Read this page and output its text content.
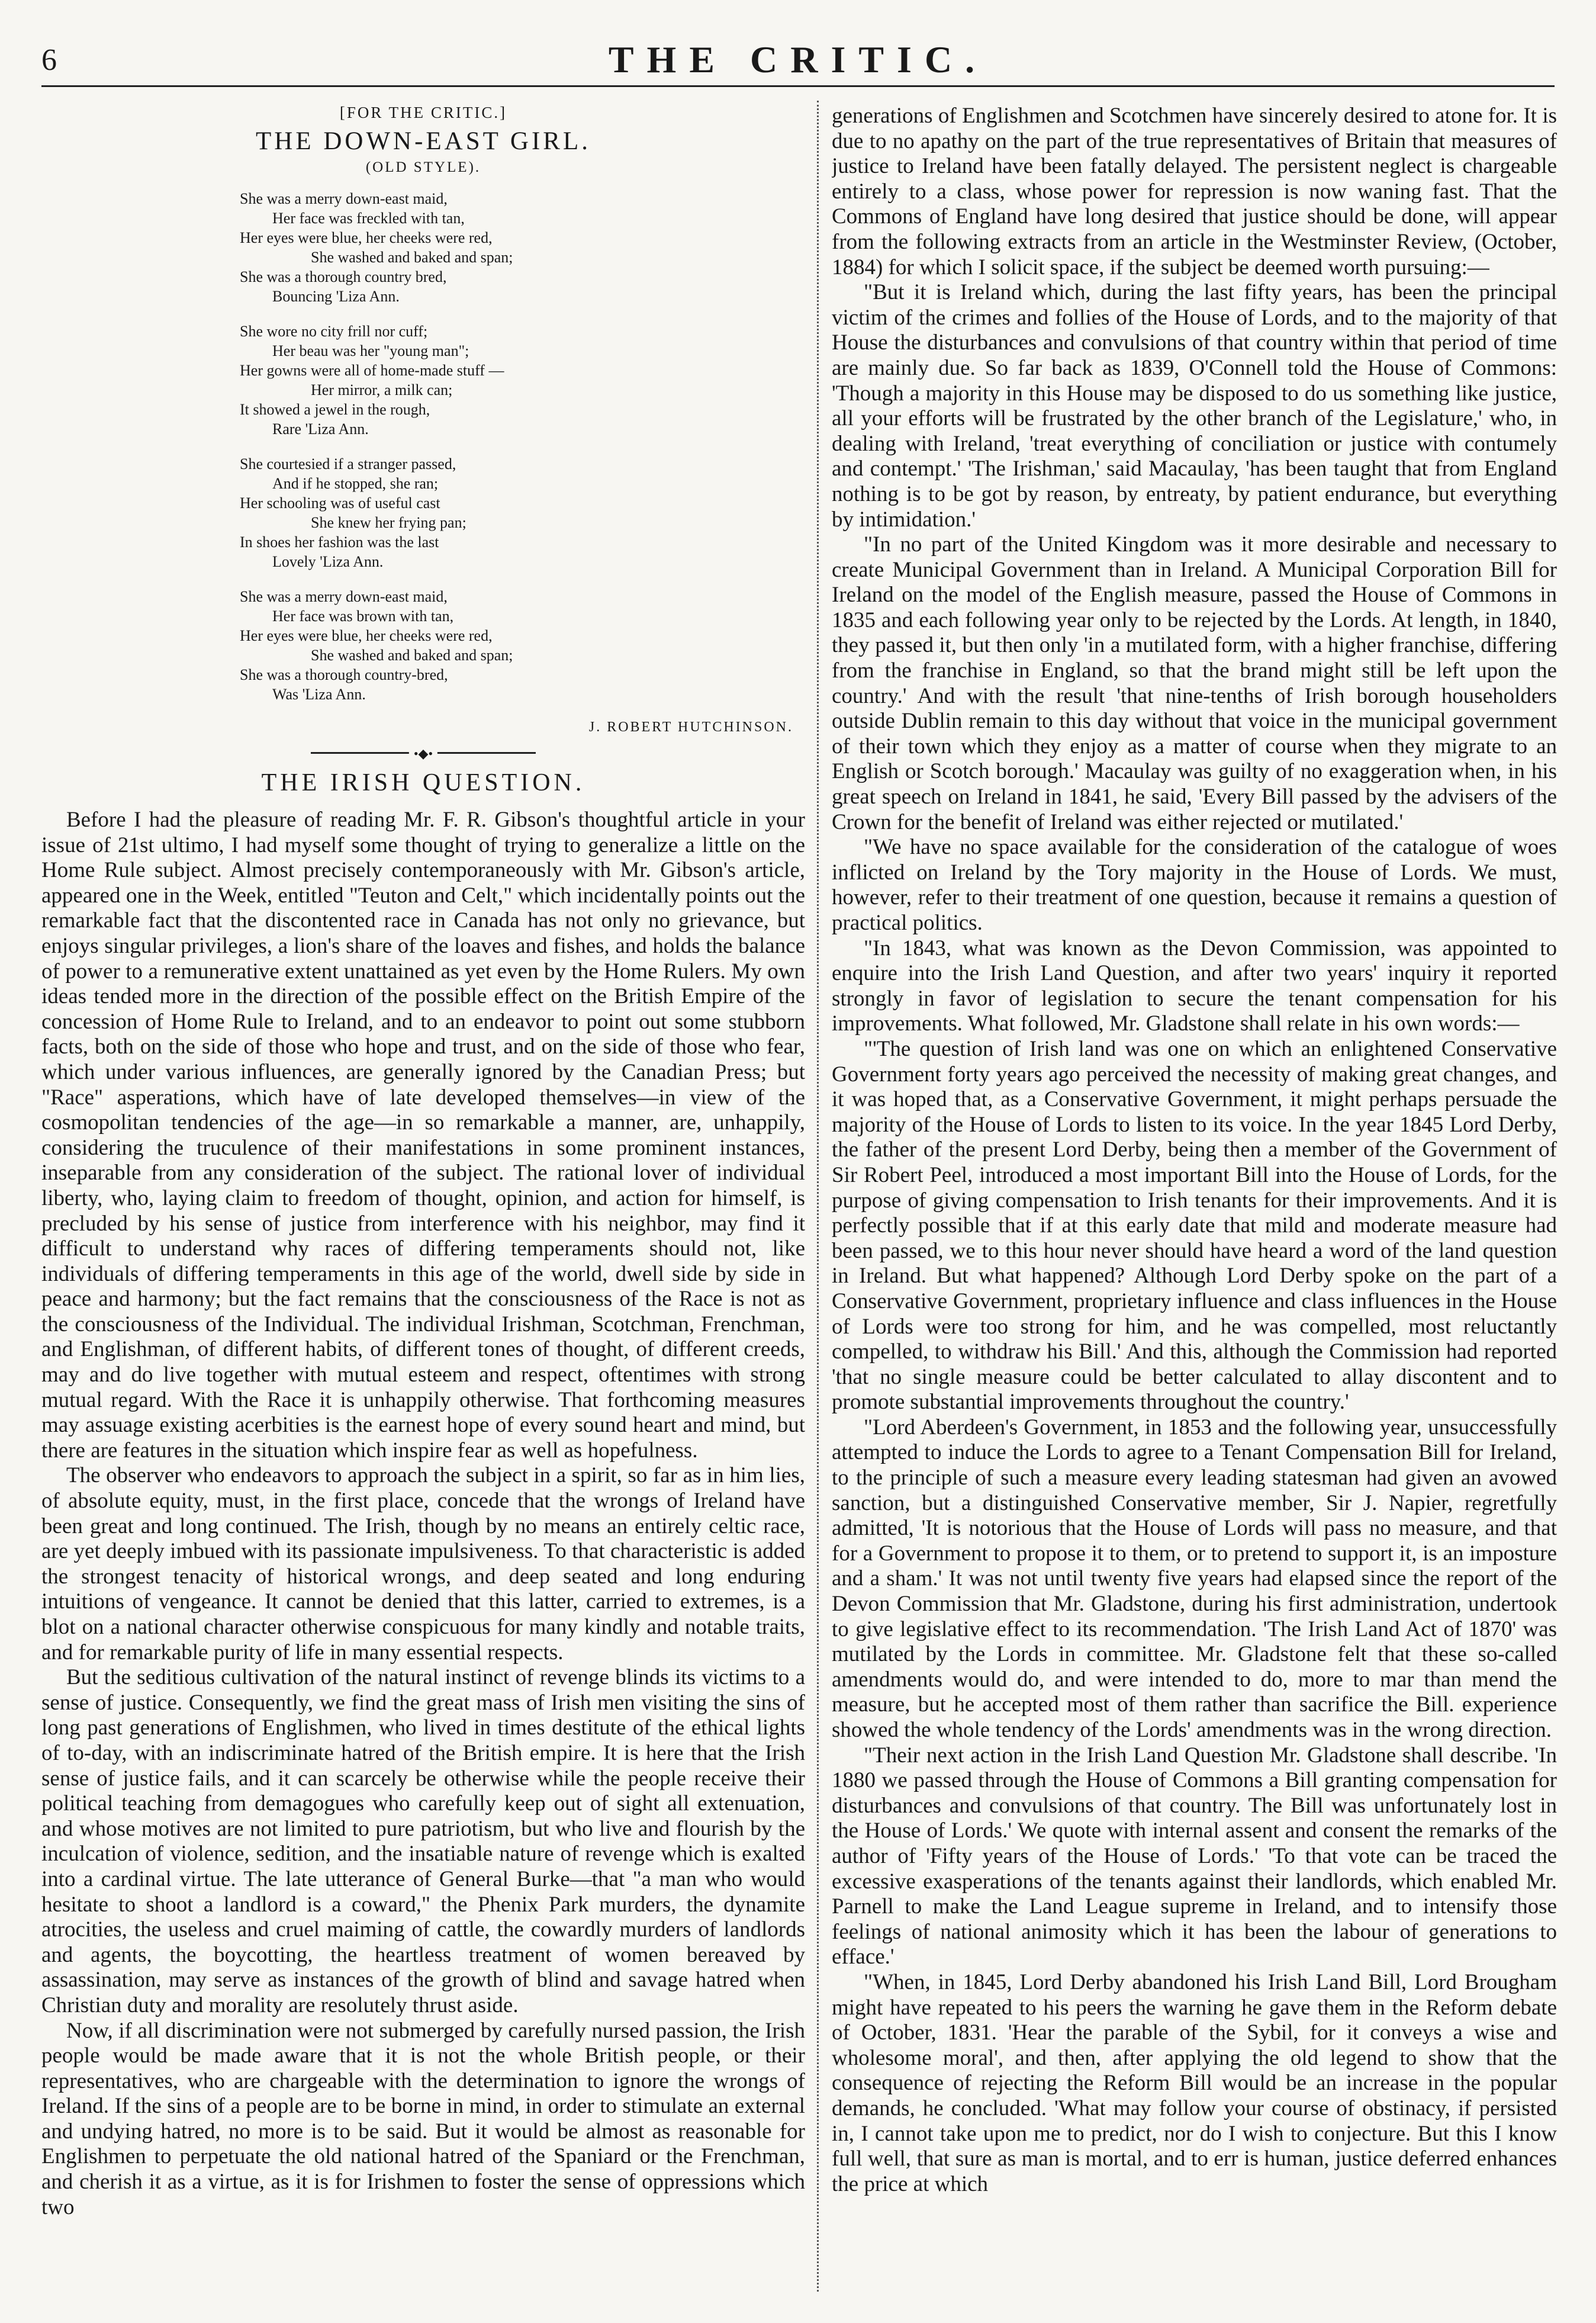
6	THE CRITIC.
[FOR THE CRITIC.]
THE DOWN-EAST GIRL.
(OLD STYLE).
She was a merry down-east maid,
Her face was freckled with tan,
Her eyes were blue, her cheeks were red,
She washed and baked and span;
She was a thorough country bred,
Bouncing 'Liza Ann.
She wore no city frill nor cuff;
Her beau was her "young man";
Her gowns were all of home-made stuff —
Her mirror, a milk can;
It showed a jewel in the rough,
Rare 'Liza Ann.
She courtesied if a stranger passed,
And if he stopped, she ran;
Her schooling was of useful cast
She knew her frying pan;
In shoes her fashion was the last
Lovely 'Liza Ann.
She was a merry down-east maid,
Her face was brown with tan,
Her eyes were blue, her cheeks were red,
She washed and baked and span;
She was a thorough country-bred,
Was 'Liza Ann.
J. ROBERT HUTCHINSON.
•◆•
THE IRISH QUESTION.

Before I had the pleasure of reading Mr. F. R. Gibson's thoughtful article in your issue of 21st ultimo, I had myself some thought of trying to generalize a little on the Home Rule subject. Almost precisely contemporaneously with Mr. Gibson's article, appeared one in the Week, entitled "Teuton and Celt," which incidentally points out the remarkable fact that the discontented race in Canada has not only no grievance, but enjoys singular privileges, a lion's share of the loaves and fishes, and holds the balance of power to a remunerative extent unattained as yet even by the Home Rulers. My own ideas tended more in the direction of the possible effect on the British Empire of the concession of Home Rule to Ireland, and to an endeavor to point out some stubborn facts, both on the side of those who hope and trust, and on the side of those who fear, which under various influences, are generally ignored by the Canadian Press; but "Race" asperations, which have of late developed themselves—in view of the cosmopolitan tendencies of the age—in so remarkable a manner, are, unhappily, considering the truculence of their manifestations in some prominent instances, inseparable from any consideration of the subject. The rational lover of individual liberty, who, laying claim to freedom of thought, opinion, and action for himself, is precluded by his sense of justice from interference with his neighbor, may find it difficult to understand why races of differing temperaments should not, like individuals of differing temperaments in this age of the world, dwell side by side in peace and harmony; but the fact remains that the consciousness of the Race is not as the consciousness of the Individual. The individual Irishman, Scotchman, Frenchman, and Englishman, of different habits, of different tones of thought, of different creeds, may and do live together with mutual esteem and respect, oftentimes with strong mutual regard. With the Race it is unhappily otherwise. That forthcoming measures may assuage existing acerbities is the earnest hope of every sound heart and mind, but there are features in the situation which inspire fear as well as hopefulness.

The observer who endeavors to approach the subject in a spirit, so far as in him lies, of absolute equity, must, in the first place, concede that the wrongs of Ireland have been great and long continued. The Irish, though by no means an entirely celtic race, are yet deeply imbued with its passionate impulsiveness. To that characteristic is added the strongest tenacity of historical wrongs, and deep seated and long enduring intuitions of vengeance. It cannot be denied that this latter, carried to extremes, is a blot on a national character otherwise conspicuous for many kindly and notable traits, and for remarkable purity of life in many essential respects.

But the seditious cultivation of the natural instinct of revenge blinds its victims to a sense of justice. Consequently, we find the great mass of Irish men visiting the sins of long past generations of Englishmen, who lived in times destitute of the ethical lights of to-day, with an indiscriminate hatred of the British empire. It is here that the Irish sense of justice fails, and it can scarcely be otherwise while the people receive their political teaching from demagogues who carefully keep out of sight all extenuation, and whose motives are not limited to pure patriotism, but who live and flourish by the inculcation of violence, sedition, and the insatiable nature of revenge which is exalted into a cardinal virtue. The late utterance of General Burke—that "a man who would hesitate to shoot a landlord is a coward," the Phenix Park murders, the dynamite atrocities, the useless and cruel maiming of cattle, the cowardly murders of landlords and agents, the boycotting, the heartless treatment of women bereaved by assassination, may serve as instances of the growth of blind and savage hatred when Christian duty and morality are resolutely thrust aside.

Now, if all discrimination were not submerged by carefully nursed passion, the Irish people would be made aware that it is not the whole British people, or their representatives, who are chargeable with the determination to ignore the wrongs of Ireland. If the sins of a people are to be borne in mind, in order to stimulate an external and undying hatred, no more is to be said. But it would be almost as reasonable for Englishmen to perpetuate the old national hatred of the Spaniard or the Frenchman, and cherish it as a virtue, as it is for Irishmen to foster the sense of oppressions which two

generations of Englishmen and Scotchmen have sincerely desired to atone for. It is due to no apathy on the part of the true representatives of Britain that measures of justice to Ireland have been fatally delayed. The persistent neglect is chargeable entirely to a class, whose power for repression is now waning fast. That the Commons of England have long desired that justice should be done, will appear from the following extracts from an article in the Westminster Review, (October, 1884) for which I solicit space, if the subject be deemed worth pursuing:—

"But it is Ireland which, during the last fifty years, has been the principal victim of the crimes and follies of the House of Lords, and to the majority of that House the disturbances and convulsions of that country within that period of time are mainly due. So far back as 1839, O'Connell told the House of Commons: 'Though a majority in this House may be disposed to do us something like justice, all your efforts will be frustrated by the other branch of the Legislature,' who, in dealing with Ireland, 'treat everything of conciliation or justice with contumely and contempt.' 'The Irishman,' said Macaulay, 'has been taught that from England nothing is to be got by reason, by entreaty, by patient endurance, but everything by intimidation.'

"In no part of the United Kingdom was it more desirable and necessary to create Municipal Government than in Ireland. A Municipal Corporation Bill for Ireland on the model of the English measure, passed the House of Commons in 1835 and each following year only to be rejected by the Lords. At length, in 1840, they passed it, but then only 'in a mutilated form, with a higher franchise, differing from the franchise in England, so that the brand might still be left upon the country.' And with the result 'that nine-tenths of Irish borough householders outside Dublin remain to this day without that voice in the municipal government of their town which they enjoy as a matter of course when they migrate to an English or Scotch borough.' Macaulay was guilty of no exaggeration when, in his great speech on Ireland in 1841, he said, 'Every Bill passed by the advisers of the Crown for the benefit of Ireland was either rejected or mutilated.'

"We have no space available for the consideration of the catalogue of woes inflicted on Ireland by the Tory majority in the House of Lords. We must, however, refer to their treatment of one question, because it remains a question of practical politics.

"In 1843, what was known as the Devon Commission, was appointed to enquire into the Irish Land Question, and after two years' inquiry it reported strongly in favor of legislation to secure the tenant compensation for his improvements. What followed, Mr. Gladstone shall relate in his own words:—

"'The question of Irish land was one on which an enlightened Conservative Government forty years ago perceived the necessity of making great changes, and it was hoped that, as a Conservative Government, it might perhaps persuade the majority of the House of Lords to listen to its voice. In the year 1845 Lord Derby, the father of the present Lord Derby, being then a member of the Government of Sir Robert Peel, introduced a most important Bill into the House of Lords, for the purpose of giving compensation to Irish tenants for their improvements. And it is perfectly possible that if at this early date that mild and moderate measure had been passed, we to this hour never should have heard a word of the land question in Ireland. But what happened? Although Lord Derby spoke on the part of a Conservative Government, proprietary influence and class influences in the House of Lords were too strong for him, and he was compelled, most reluctantly compelled, to withdraw his Bill.' And this, although the Commission had reported 'that no single measure could be better calculated to allay discontent and to promote substantial improvements throughout the country.'

"Lord Aberdeen's Government, in 1853 and the following year, unsuccessfully attempted to induce the Lords to agree to a Tenant Compensation Bill for Ireland, to the principle of such a measure every leading statesman had given an avowed sanction, but a distinguished Conservative member, Sir J. Napier, regretfully admitted, 'It is notorious that the House of Lords will pass no measure, and that for a Government to propose it to them, or to pretend to support it, is an imposture and a sham.' It was not until twenty five years had elapsed since the report of the Devon Commission that Mr. Gladstone, during his first administration, undertook to give legislative effect to its recommendation. 'The Irish Land Act of 1870' was mutilated by the Lords in committee. Mr. Gladstone felt that these so-called amendments would do, and were intended to do, more to mar than mend the measure, but he accepted most of them rather than sacrifice the Bill. experience showed the whole tendency of the Lords' amendments was in the wrong direction.

"Their next action in the Irish Land Question Mr. Gladstone shall describe. 'In 1880 we passed through the House of Commons a Bill granting compensation for disturbances and convulsions of that country. The Bill was unfortunately lost in the House of Lords.' We quote with internal assent and consent the remarks of the author of 'Fifty years of the House of Lords.' 'To that vote can be traced the excessive exasperations of the tenants against their landlords, which enabled Mr. Parnell to make the Land League supreme in Ireland, and to intensify those feelings of national animosity which it has been the labour of generations to efface.'

"When, in 1845, Lord Derby abandoned his Irish Land Bill, Lord Brougham might have repeated to his peers the warning he gave them in the Reform debate of October, 1831. 'Hear the parable of the Sybil, for it conveys a wise and wholesome moral', and then, after applying the old legend to show that the consequence of rejecting the Reform Bill would be an increase in the popular demands, he concluded. 'What may follow your course of obstinacy, if persisted in, I cannot take upon me to predict, nor do I wish to conjecture. But this I know full well, that sure as man is mortal, and to err is human, justice deferred enhances the price at which
